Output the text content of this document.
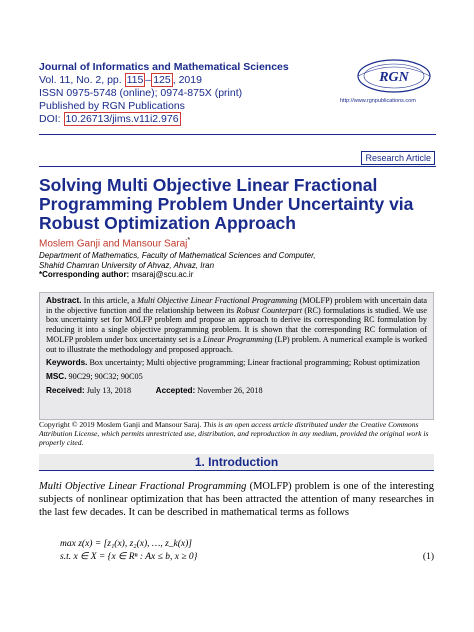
Journal of Informatics and Mathematical Sciences
Vol. 11, No. 2, pp. 115 – 125 , 2019
ISSN 0975-5748 (online); 0974-875X (print)
Published by RGN Publications
DOI: 10.26713/jims.v11i2.976
RGN
http://www.rgnpublications.com
Research Article
Solving Multi Objective Linear Fractional Programming Problem Under Uncertainty via Robust Optimization Approach
Moslem Ganji and Mansour Saraj*
Department of Mathematics, Faculty of Mathematical Sciences and Computer,
Shahid Chamran University of Ahvaz, Ahvaz, Iran
*Corresponding author: msaraj@scu.ac.ir
Abstract. In this article, a Multi Objective Linear Fractional Programming (MOLFP) problem with uncertain data in the objective function and the relationship between its Robust Counterpart (RC) formulations is studied. We use box uncertainty set for MOLFP problem and propose an approach to derive its corresponding RC formulation by reducing it into a single objective programming problem. It is shown that the corresponding RC formulation of MOLFP problem under box uncertainty set is a Linear Programming (LP) problem. A numerical example is worked out to illustrate the methodology and proposed approach.
Keywords. Box uncertainty; Multi objective programming; Linear fractional programming; Robust optimization
MSC. 90C29; 90C32; 90C05
Received: July 13, 2018	Accepted: November 26, 2018
Copyright © 2019 Moslem Ganji and Mansour Saraj. This is an open access article distributed under the Creative Commons Attribution License, which permits unrestricted use, distribution, and reproduction in any medium, provided the original work is properly cited.
1. Introduction
Multi Objective Linear Fractional Programming (MOLFP) problem is one of the interesting subjects of nonlinear optimization that has been attracted the attention of many researches in the last few decades. It can be described in mathematical terms as follows
max z(x) = [z₁(x), z₂(x), …, z_k(x)]
s.t. x ∈ X = {x ∈ Rⁿ : Ax ≤ b, x ≥ 0}	(1)
